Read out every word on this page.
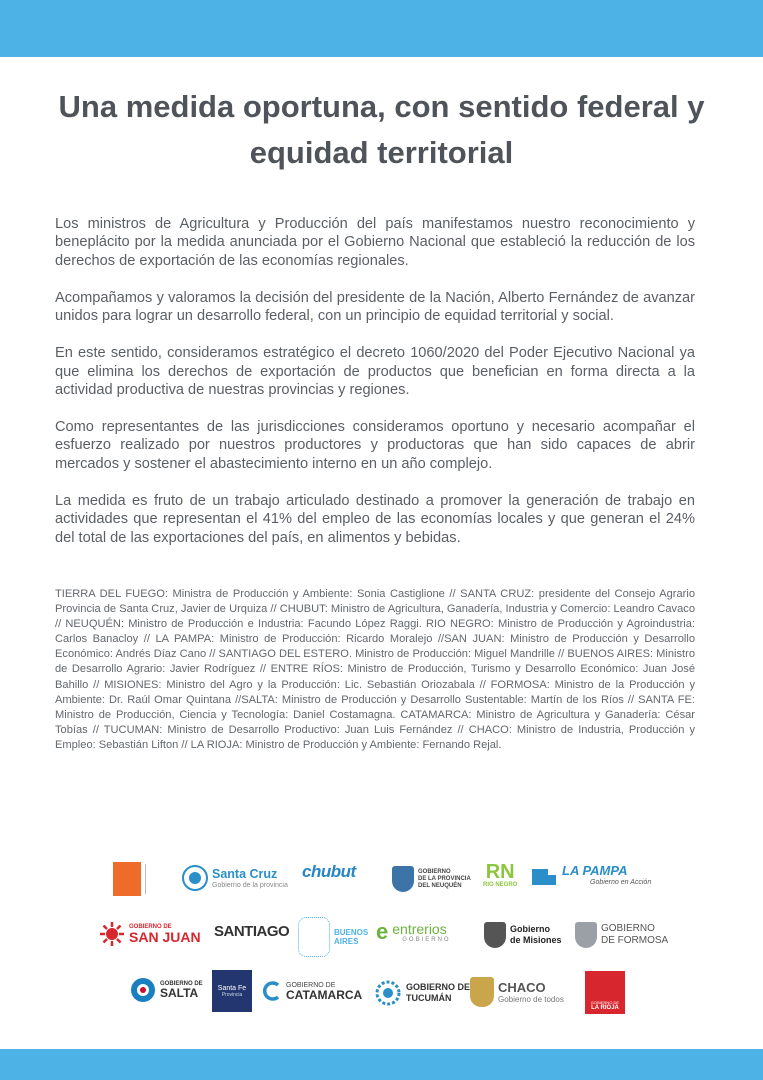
Una medida oportuna, con sentido federal y equidad territorial

Los ministros de Agricultura y Producción del país manifestamos nuestro reconocimiento y beneplácito por la medida anunciada por el Gobierno Nacional que estableció la reducción de los derechos de exportación de las economías regionales.

Acompañamos y valoramos la decisión del presidente de la Nación, Alberto Fernández de avanzar unidos para lograr un desarrollo federal, con un principio de equidad territorial y social.

En este sentido, consideramos estratégico el decreto 1060/2020 del Poder Ejecutivo Nacional ya que elimina los derechos de exportación de productos que benefician en forma directa a la actividad productiva de nuestras provincias y regiones.

Como representantes de las jurisdicciones consideramos oportuno y necesario acompañar el esfuerzo realizado por nuestros productores y productoras que han sido capaces de abrir mercados y sostener el abastecimiento interno en un año complejo.

La medida es fruto de un trabajo articulado destinado a promover la generación de trabajo en actividades que representan el 41% del empleo de las economías locales y que generan el 24% del total de las exportaciones del país, en alimentos y bebidas.

TIERRA DEL FUEGO: Ministra de Producción y Ambiente: Sonia Castiglione // SANTA CRUZ: presidente del Consejo Agrario Provincia de Santa Cruz, Javier de Urquiza // CHUBUT: Ministro de Agricultura, Ganadería, Industria y Comercio: Leandro Cavaco // NEUQUÉN: Ministro de Producción e Industria: Facundo López Raggi. RIO NEGRO: Ministro de Producción y Agroindustria: Carlos Banacloy // LA PAMPA: Ministro de Producción: Ricardo Moralejo //SAN JUAN: Ministro de Producción y Desarrollo Económico: Andrés Díaz Cano // SANTIAGO DEL ESTERO. Ministro de Producción: Miguel Mandrille // BUENOS AIRES: Ministro de Desarrollo Agrario: Javier Rodríguez // ENTRE RÍOS: Ministro de Producción, Turismo y Desarrollo Económico: Juan José Bahillo // MISIONES: Ministro del Agro y la Producción: Lic. Sebastián Oriozabala // FORMOSA: Ministro de la Producción y Ambiente: Dr. Raúl Omar Quintana //SALTA: Ministro de Producción y Desarrollo Sustentable: Martín de los Ríos // SANTA FE: Ministro de Producción, Ciencia y Tecnología: Daniel Costamagna. CATAMARCA: Ministro de Agricultura y Ganadería: César Tobías // TUCUMAN: Ministro de Desarrollo Productivo: Juan Luis Fernández // CHACO: Ministro de Industria, Producción y Empleo: Sebastián Lifton // LA RIOJA: Ministro de Producción y Ambiente: Fernando Rejal.
Santa Cruz
Gobierno de la provincia
chubut	GOBIERNO
DE LA PROVINCIA
DEL NEUQUÉN
RN
RIO NEGRO
LA PAMPA
Gobierno en Acción
GOBIERNO DE
SAN JUAN SANTIAGO	BUENOS AIRES e entrerios
GOBIERNO
Gobierno
de Misiones
GOBIERNO
DE FORMOSA
GOBIERNO DE
SALTA	Santa Fe
Provincia
GOBIERNO DE
CATAMARCA
GOBIERNO DE
TUCUMÁN
CHACO
Gobierno de todos	GOBIERNO DE
LA RIOJA
